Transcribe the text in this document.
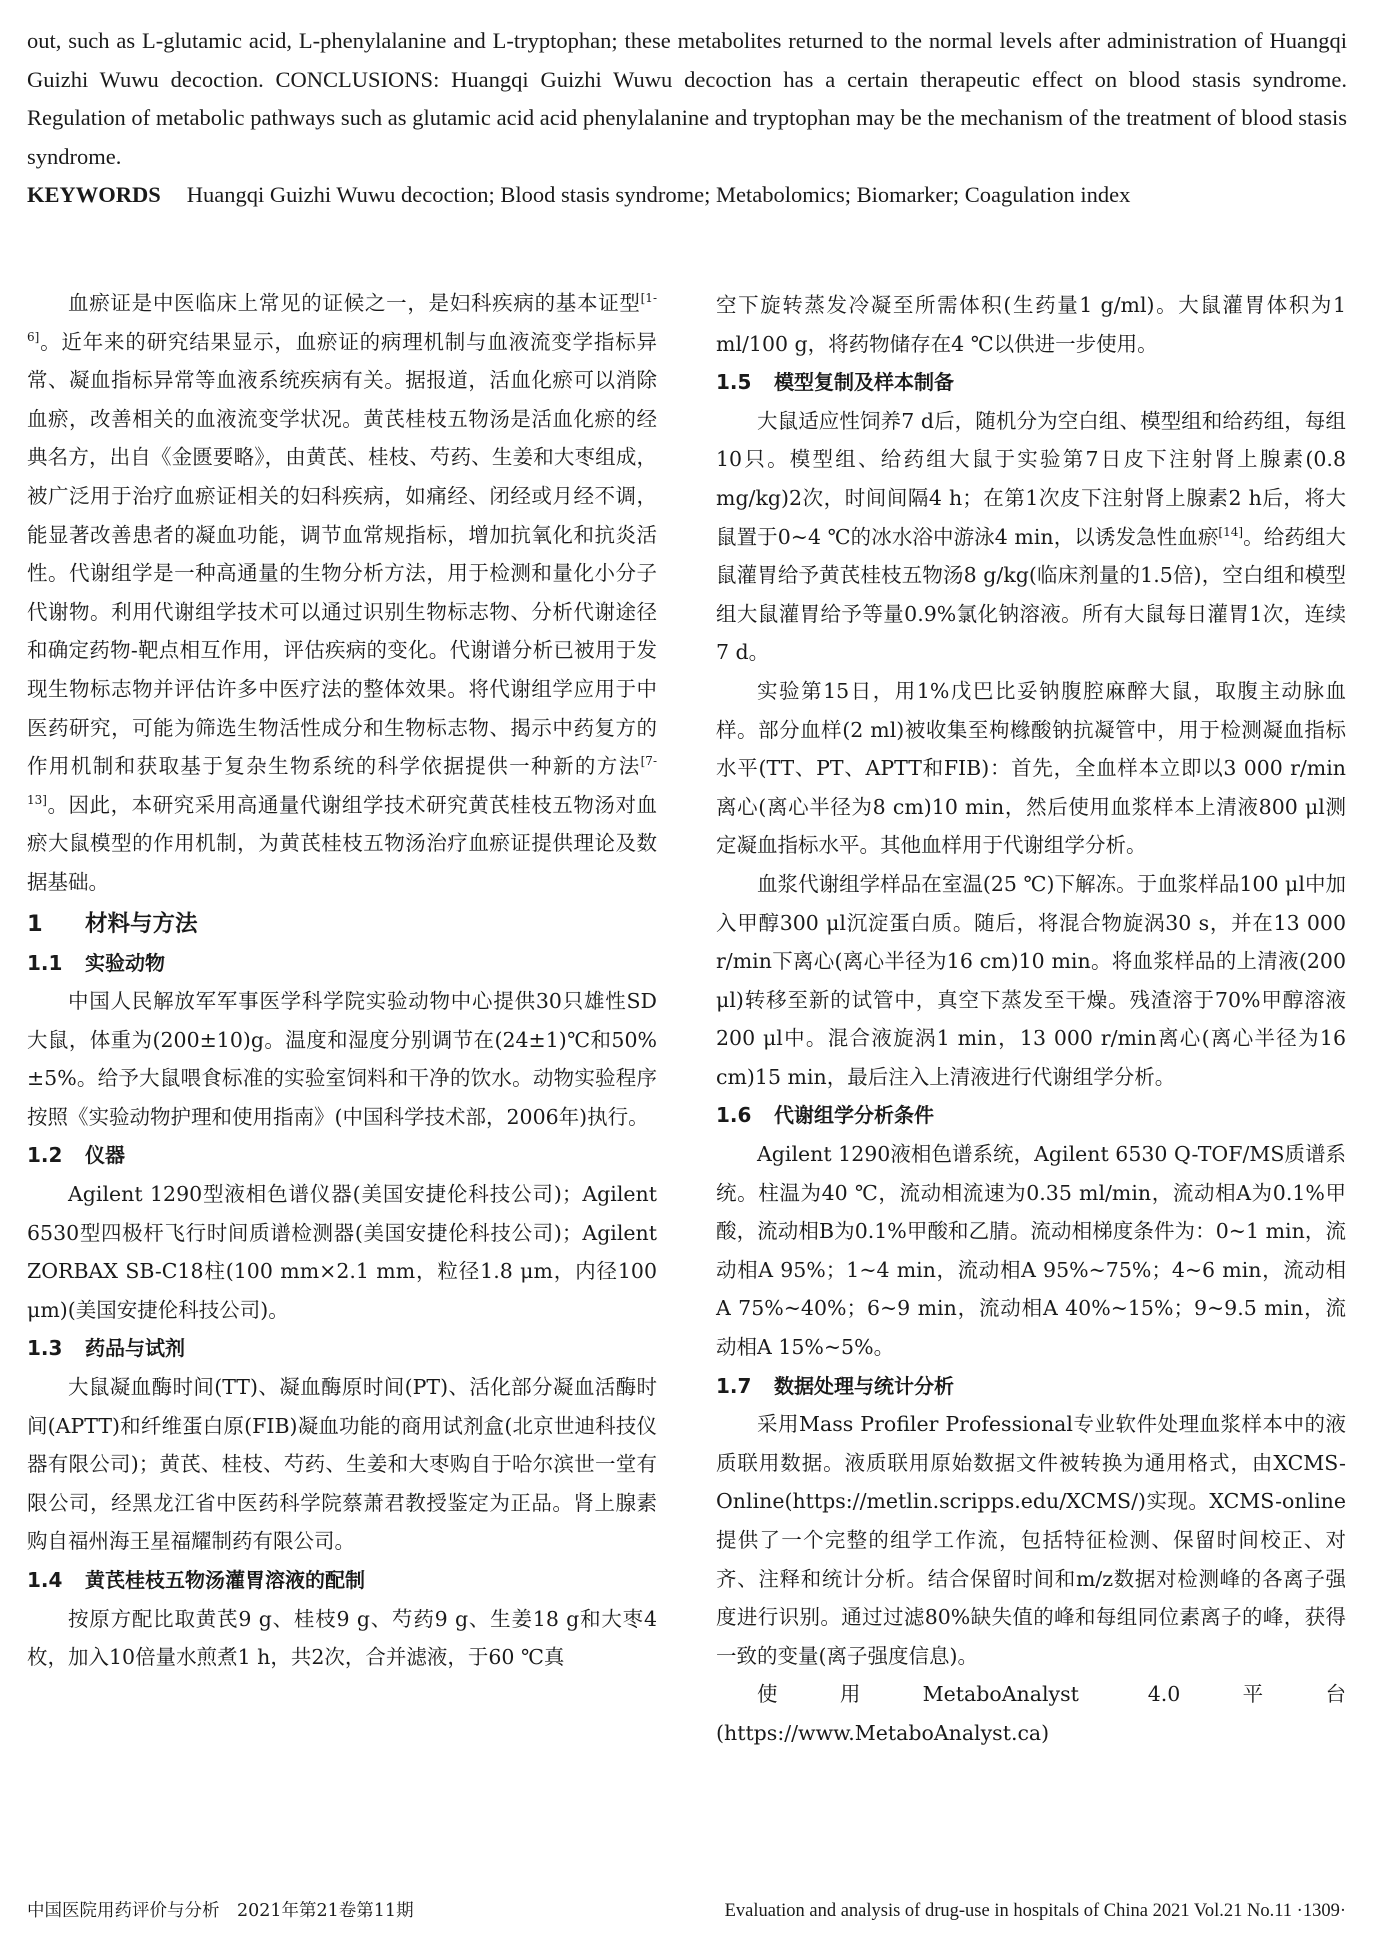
out, such as L-glutamic acid, L-phenylalanine and L-tryptophan; these metabolites returned to the normal levels after administration of Huangqi Guizhi Wuwu decoction. CONCLUSIONS: Huangqi Guizhi Wuwu decoction has a certain therapeutic effect on blood stasis syndrome. Regulation of metabolic pathways such as glutamic acid acid phenylalanine and tryptophan may be the mechanism of the treatment of blood stasis syndrome.
KEYWORDS Huangqi Guizhi Wuwu decoction; Blood stasis syndrome; Metabolomics; Biomarker; Coagulation index

血瘀证是中医临床上常见的证候之一，是妇科疾病的基本证型[1-6]。近年来的研究结果显示，血瘀证的病理机制与血液流变学指标异常、凝血指标异常等血液系统疾病有关。据报道，活血化瘀可以消除血瘀，改善相关的血液流变学状况。黄芪桂枝五物汤是活血化瘀的经典名方，出自《金匮要略》，由黄芪、桂枝、芍药、生姜和大枣组成，被广泛用于治疗血瘀证相关的妇科疾病，如痛经、闭经或月经不调，能显著改善患者的凝血功能，调节血常规指标，增加抗氧化和抗炎活性。代谢组学是一种高通量的生物分析方法，用于检测和量化小分子代谢物。利用代谢组学技术可以通过识别生物标志物、分析代谢途径和确定药物-靶点相互作用，评估疾病的变化。代谢谱分析已被用于发现生物标志物并评估许多中医疗法的整体效果。将代谢组学应用于中医药研究，可能为筛选生物活性成分和生物标志物、揭示中药复方的作用机制和获取基于复杂生物系统的科学依据提供一种新的方法[7-13]。因此，本研究采用高通量代谢组学技术研究黄芪桂枝五物汤对血瘀大鼠模型的作用机制，为黄芪桂枝五物汤治疗血瘀证提供理论及数据基础。

1 材料与方法
1.1 实验动物

中国人民解放军军事医学科学院实验动物中心提供30只雄性SD大鼠，体重为(200±10)g。温度和湿度分别调节在(24±1)℃和50%±5%。给予大鼠喂食标准的实验室饲料和干净的饮水。动物实验程序按照《实验动物护理和使用指南》(中国科学技术部，2006年)执行。

1.2 仪器

Agilent 1290型液相色谱仪器(美国安捷伦科技公司)；Agilent 6530型四极杆飞行时间质谱检测器(美国安捷伦科技公司)；Agilent ZORBAX SB-C18柱(100 mm×2.1 mm，粒径1.8 μm，内径100 μm)(美国安捷伦科技公司)。

1.3 药品与试剂

大鼠凝血酶时间(TT)、凝血酶原时间(PT)、活化部分凝血活酶时间(APTT)和纤维蛋白原(FIB)凝血功能的商用试剂盒(北京世迪科技仪器有限公司)；黄芪、桂枝、芍药、生姜和大枣购自于哈尔滨世一堂有限公司，经黑龙江省中医药科学院蔡萧君教授鉴定为正品。肾上腺素购自福州海王星福耀制药有限公司。

1.4 黄芪桂枝五物汤灌胃溶液的配制

按原方配比取黄芪9 g、桂枝9 g、芍药9 g、生姜18 g和大枣4枚，加入10倍量水煎煮1 h，共2次，合并滤液，于60 ℃真

空下旋转蒸发冷凝至所需体积(生药量1 g/ml)。大鼠灌胃体积为1 ml/100 g，将药物储存在4 ℃以供进一步使用。

1.5 模型复制及样本制备

大鼠适应性饲养7 d后，随机分为空白组、模型组和给药组，每组10只。模型组、给药组大鼠于实验第7日皮下注射肾上腺素(0.8 mg/kg)2次，时间间隔4 h；在第1次皮下注射肾上腺素2 h后，将大鼠置于0~4 ℃的冰水浴中游泳4 min，以诱发急性血瘀[14]。给药组大鼠灌胃给予黄芪桂枝五物汤8 g/kg(临床剂量的1.5倍)，空白组和模型组大鼠灌胃给予等量0.9%氯化钠溶液。所有大鼠每日灌胃1次，连续7 d。

实验第15日，用1%戊巴比妥钠腹腔麻醉大鼠，取腹主动脉血样。部分血样(2 ml)被收集至枸橼酸钠抗凝管中，用于检测凝血指标水平(TT、PT、APTT和FIB)：首先，全血样本立即以3 000 r/min离心(离心半径为8 cm)10 min，然后使用血浆样本上清液800 μl测定凝血指标水平。其他血样用于代谢组学分析。

血浆代谢组学样品在室温(25 ℃)下解冻。于血浆样品100 μl中加入甲醇300 μl沉淀蛋白质。随后，将混合物旋涡30 s，并在13 000 r/min下离心(离心半径为16 cm)10 min。将血浆样品的上清液(200 μl)转移至新的试管中，真空下蒸发至干燥。残渣溶于70%甲醇溶液200 μl中。混合液旋涡1 min，13 000 r/min离心(离心半径为16 cm)15 min，最后注入上清液进行代谢组学分析。

1.6 代谢组学分析条件

Agilent 1290液相色谱系统，Agilent 6530 Q-TOF/MS质谱系统。柱温为40 ℃，流动相流速为0.35 ml/min，流动相A为0.1%甲酸，流动相B为0.1%甲酸和乙腈。流动相梯度条件为：0~1 min，流动相A 95%；1~4 min，流动相A 95%~75%；4~6 min，流动相A 75%~40%；6~9 min，流动相A 40%~15%；9~9.5 min，流动相A 15%~5%。

1.7 数据处理与统计分析

采用Mass Profiler Professional专业软件处理血浆样本中的液质联用数据。液质联用原始数据文件被转换为通用格式，由XCMS-Online(https://metlin.scripps.edu/XCMS/)实现。XCMS-online提供了一个完整的组学工作流，包括特征检测、保留时间校正、对齐、注释和统计分析。结合保留时间和m/z数据对检测峰的各离子强度进行识别。通过过滤80%缺失值的峰和每组同位素离子的峰，获得一致的变量(离子强度信息)。

使用MetaboAnalyst 4.0平台(https://www.MetaboAnalyst.ca)

中国医院用药评价与分析　2021年第21卷第11期	Evaluation and analysis of drug-use in hospitals of China 2021 Vol.21 No.11 ·1309·
